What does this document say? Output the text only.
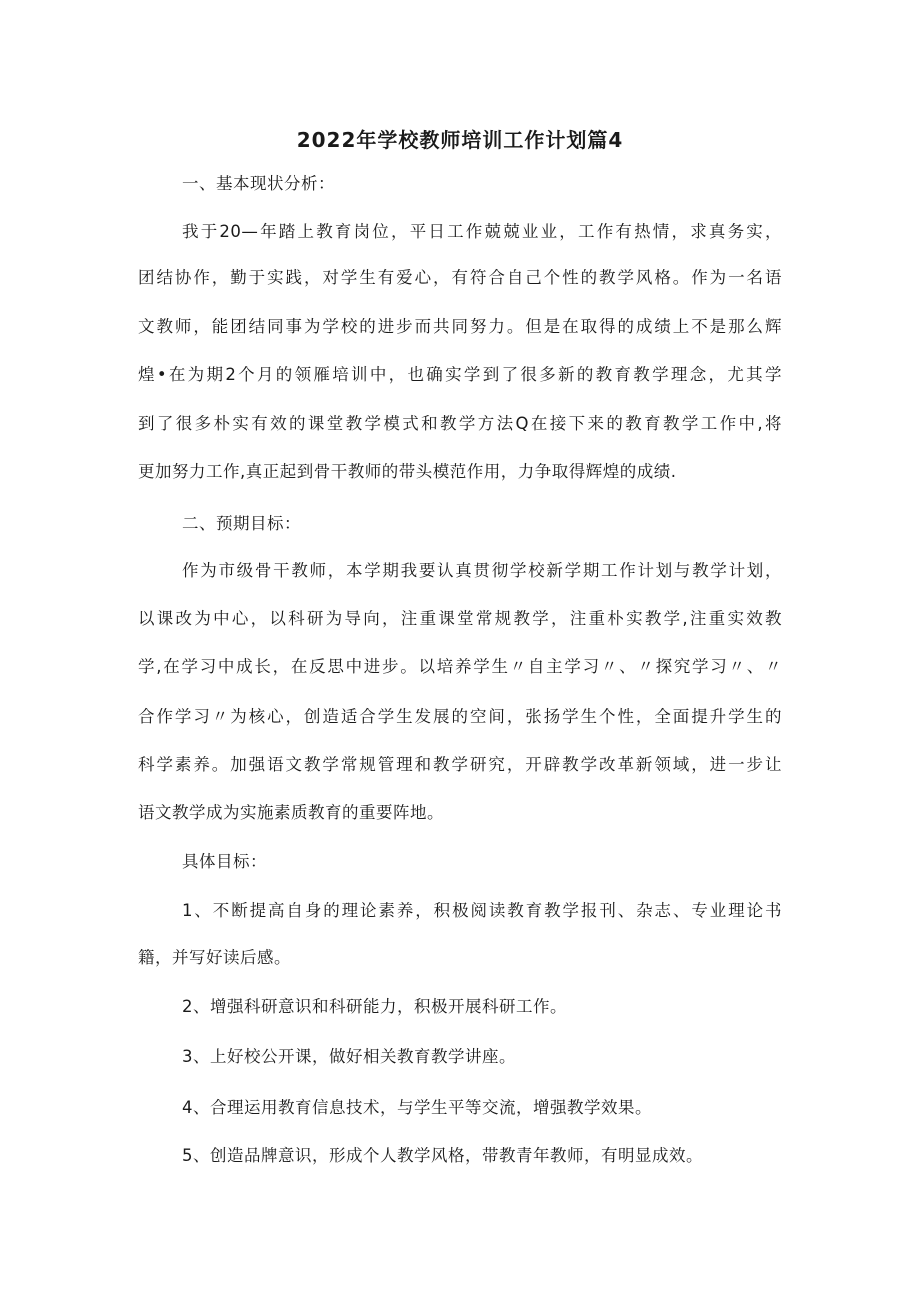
2022年学校教师培训工作计划篇4

一、基本现状分析：

我于20—年踏上教育岗位，平日工作兢兢业业，工作有热情，求真务实，

团结协作，勤于实践，对学生有爱心，有符合自己个性的教学风格。作为一名语

文教师，能团结同事为学校的进步而共同努力。但是在取得的成绩上不是那么辉

煌•在为期2个月的领雁培训中，也确实学到了很多新的教育教学理念，尤其学

到了很多朴实有效的课堂教学模式和教学方法Q在接下来的教育教学工作中,将

更加努力工作,真正起到骨干教师的带头模范作用，力争取得辉煌的成绩.

二、预期目标：

作为市级骨干教师，本学期我要认真贯彻学校新学期工作计划与教学计划，

以课改为中心，以科研为导向，注重课堂常规教学，注重朴实教学,注重实效教

学,在学习中成长，在反思中进步。以培养学生〃自主学习〃、〃探究学习〃、〃

合作学习〃为核心，创造适合学生发展的空间，张扬学生个性，全面提升学生的

科学素养。加强语文教学常规管理和教学研究，开辟教学改革新领域，进一步让

语文教学成为实施素质教育的重要阵地。

具体目标：

1、不断提高自身的理论素养，积极阅读教育教学报刊、杂志、专业理论书

籍，并写好读后感。

2、增强科研意识和科研能力，积极开展科研工作。

3、上好校公开课，做好相关教育教学讲座。

4、合理运用教育信息技术，与学生平等交流，增强教学效果。

5、创造品牌意识，形成个人教学风格，带教青年教师，有明显成效。
